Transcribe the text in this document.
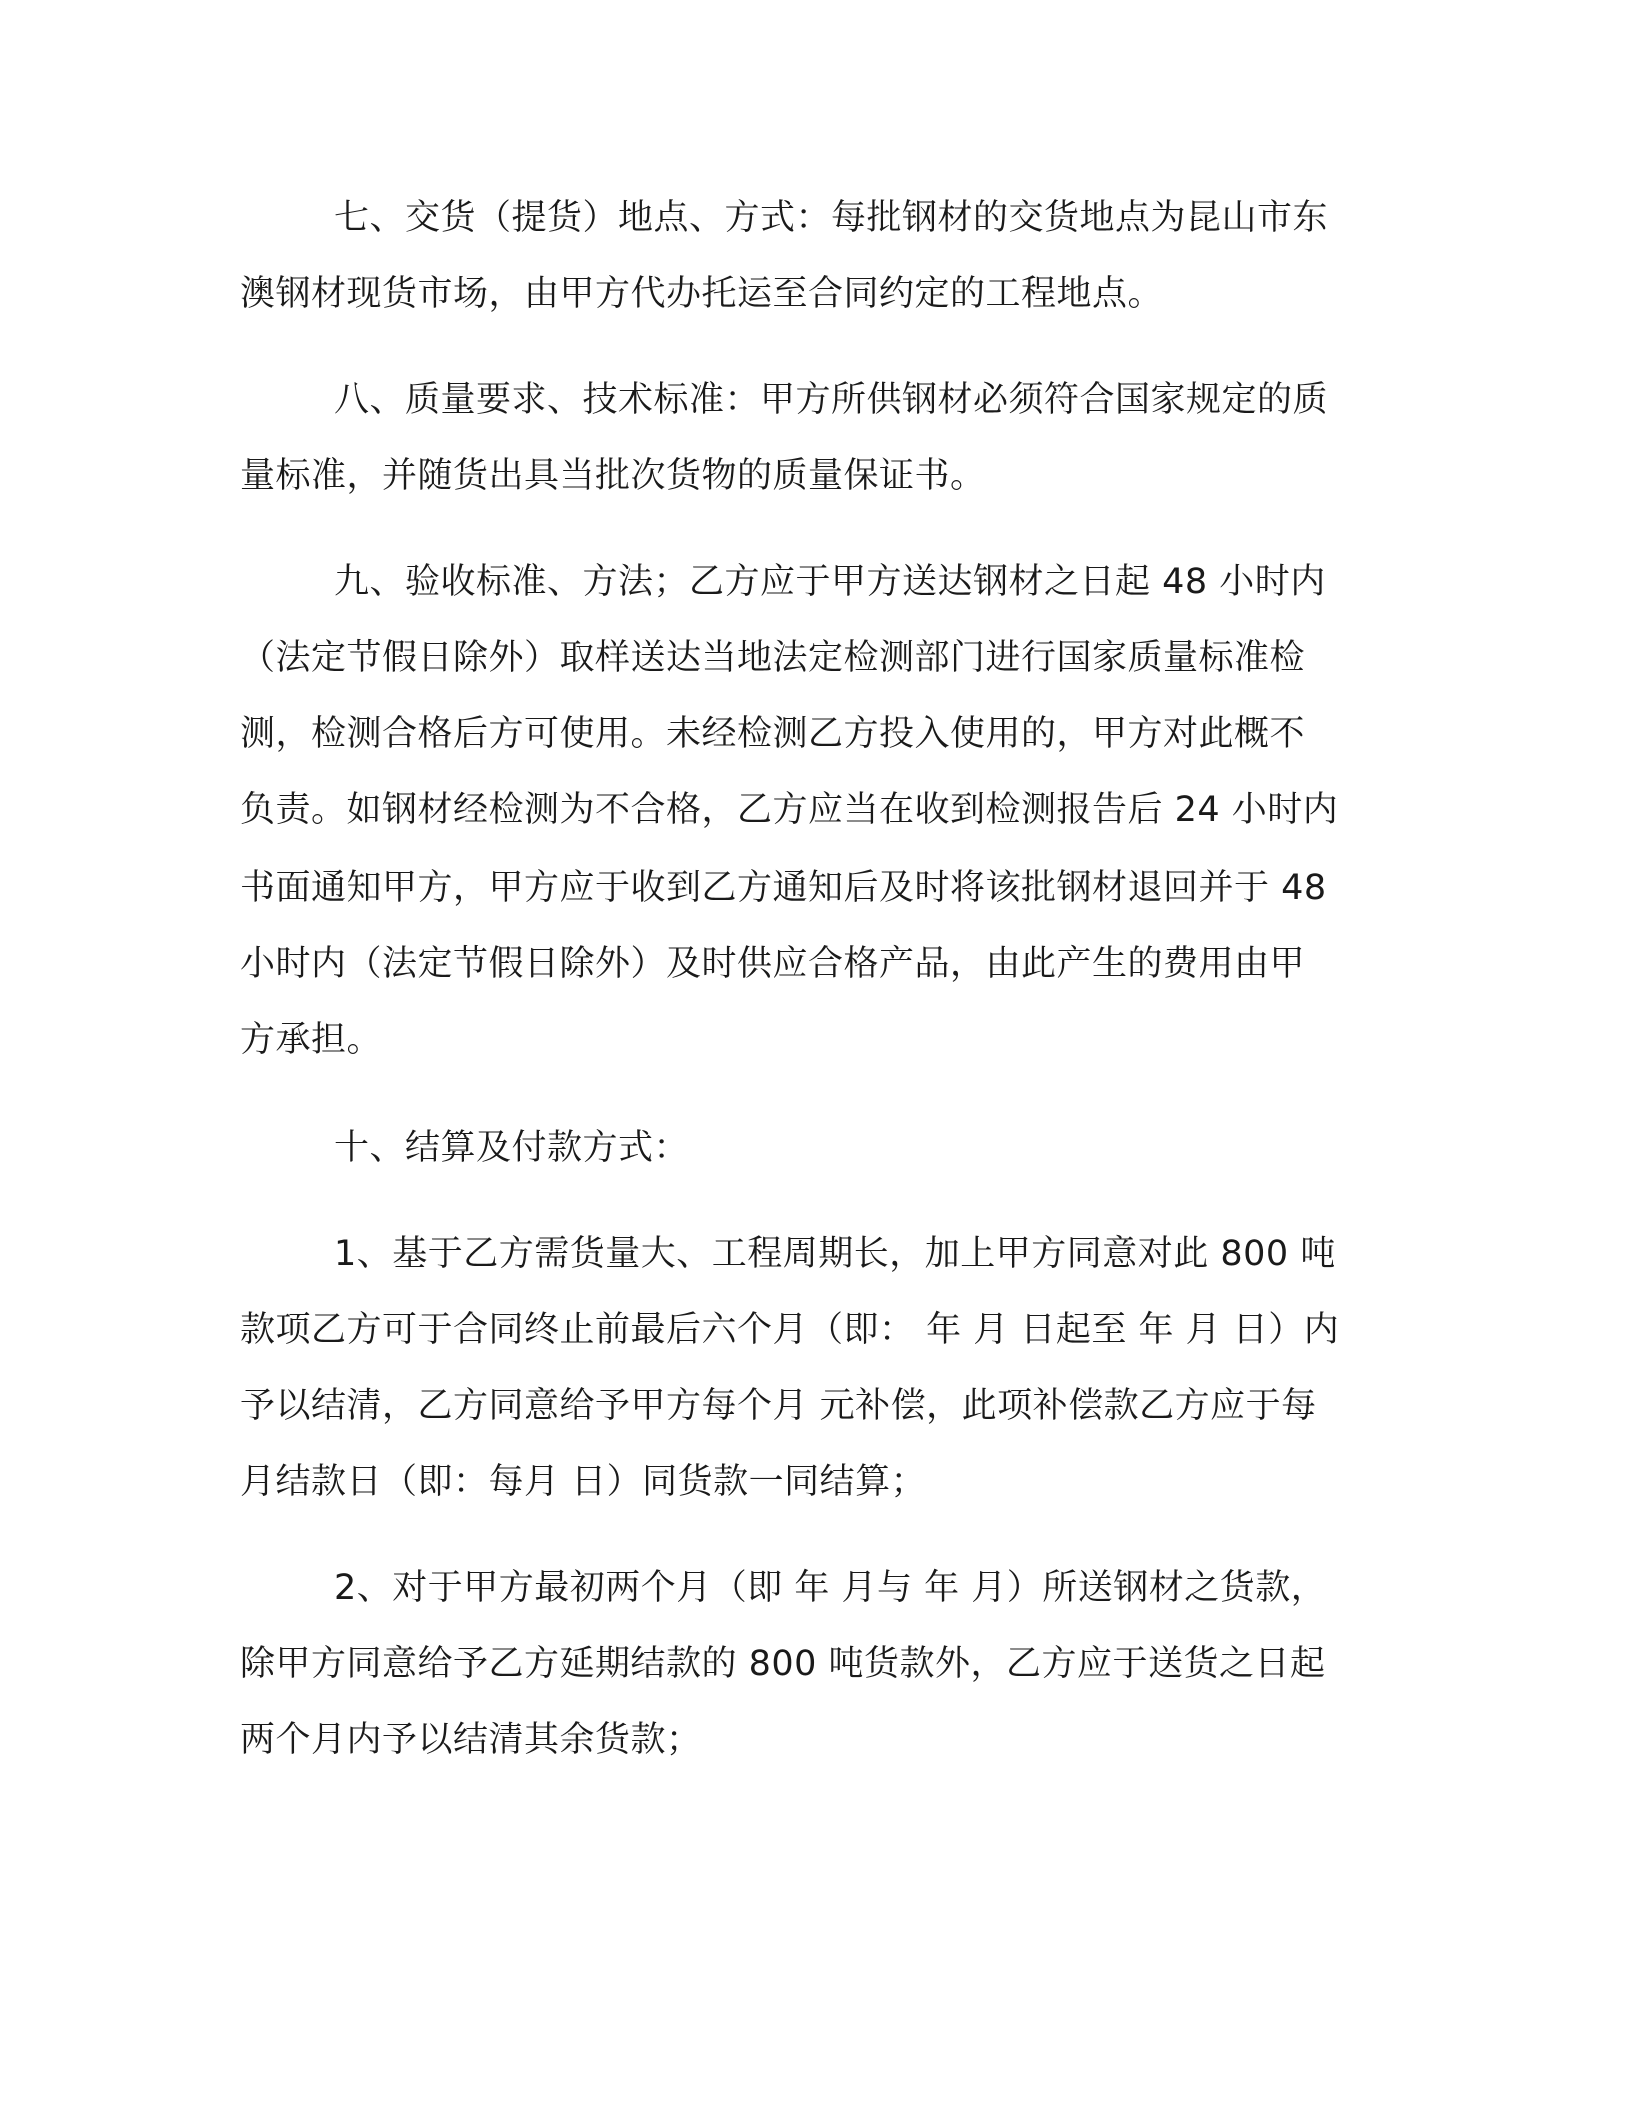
七、交货（提货）地点、方式：每批钢材的交货地点为昆山市东
澳钢材现货市场，由甲方代办托运至合同约定的工程地点。
八、质量要求、技术标准：甲方所供钢材必须符合国家规定的质
量标准，并随货出具当批次货物的质量保证书。
九、验收标准、方法；乙方应于甲方送达钢材之日起 48 小时内
（法定节假日除外）取样送达当地法定检测部门进行国家质量标准检
测，检测合格后方可使用。未经检测乙方投入使用的，甲方对此概不
负责。如钢材经检测为不合格，乙方应当在收到检测报告后 24 小时内
书面通知甲方，甲方应于收到乙方通知后及时将该批钢材退回并于 48
小时内（法定节假日除外）及时供应合格产品，由此产生的费用由甲
方承担。
十、结算及付款方式：
1、基于乙方需货量大、工程周期长，加上甲方同意对此 800 吨
款项乙方可于合同终止前最后六个月（即： 年 月 日起至 年 月 日）内
予以结清，乙方同意给予甲方每个月 元补偿，此项补偿款乙方应于每
月结款日（即：每月 日）同货款一同结算；
2、对于甲方最初两个月（即 年 月与 年 月）所送钢材之货款，
除甲方同意给予乙方延期结款的 800 吨货款外，乙方应于送货之日起
两个月内予以结清其余货款；
